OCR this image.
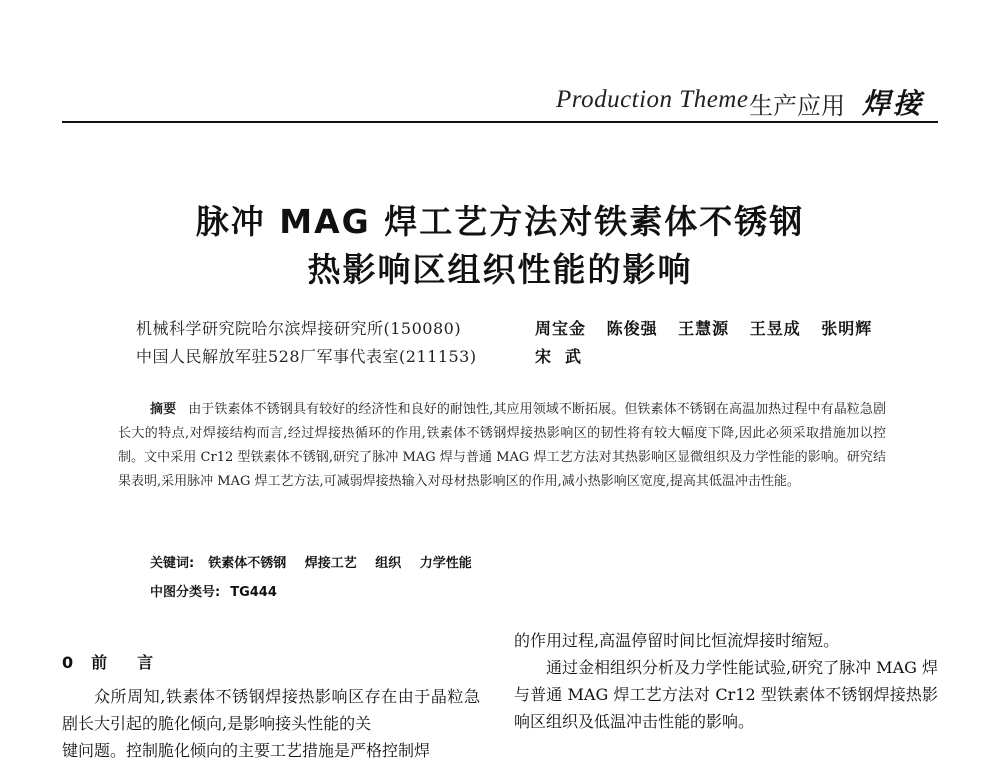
Production Theme 生产应用 焊接
脉冲 MAG 焊工艺方法对铁素体不锈钢
热影响区组织性能的影响
机械科学研究院哈尔滨焊接研究所(150080)
中国人民解放军驻528厂军事代表室(211153)
周宝金 陈俊强 王慧源 王昱成 张明辉
宋武
摘要 由于铁素体不锈钢具有较好的经济性和良好的耐蚀性,其应用领域不断拓展。但铁素体不锈钢在高温加热过程中有晶粒急剧长大的特点,对焊接结构而言,经过焊接热循环的作用,铁素体不锈钢焊接热影响区的韧性将有较大幅度下降,因此必须采取措施加以控制。文中采用 Cr12 型铁素体不锈钢,研究了脉冲 MAG 焊与普通 MAG 焊工艺方法对其热影响区显微组织及力学性能的影响。研究结果表明,采用脉冲 MAG 焊工艺方法,可减弱焊接热输入对母材热影响区的作用,减小热影响区宽度,提高其低温冲击性能。
关键词: 铁素体不锈钢 焊接工艺 组织 力学性能
中图分类号: TG444
0 前言
众所周知,铁素体不锈钢焊接热影响区存在由于晶粒急剧长大引起的脆化倾向,是影响接头性能的关
键问题。控制脆化倾向的主要工艺措施是严格控制焊
的作用过程,高温停留时间比恒流焊接时缩短。
通过金相组织分析及力学性能试验,研究了脉冲 MAG 焊与普通 MAG 焊工艺方法对 Cr12 型铁素体不锈钢焊接热影响区组织及低温冲击性能的影响。
